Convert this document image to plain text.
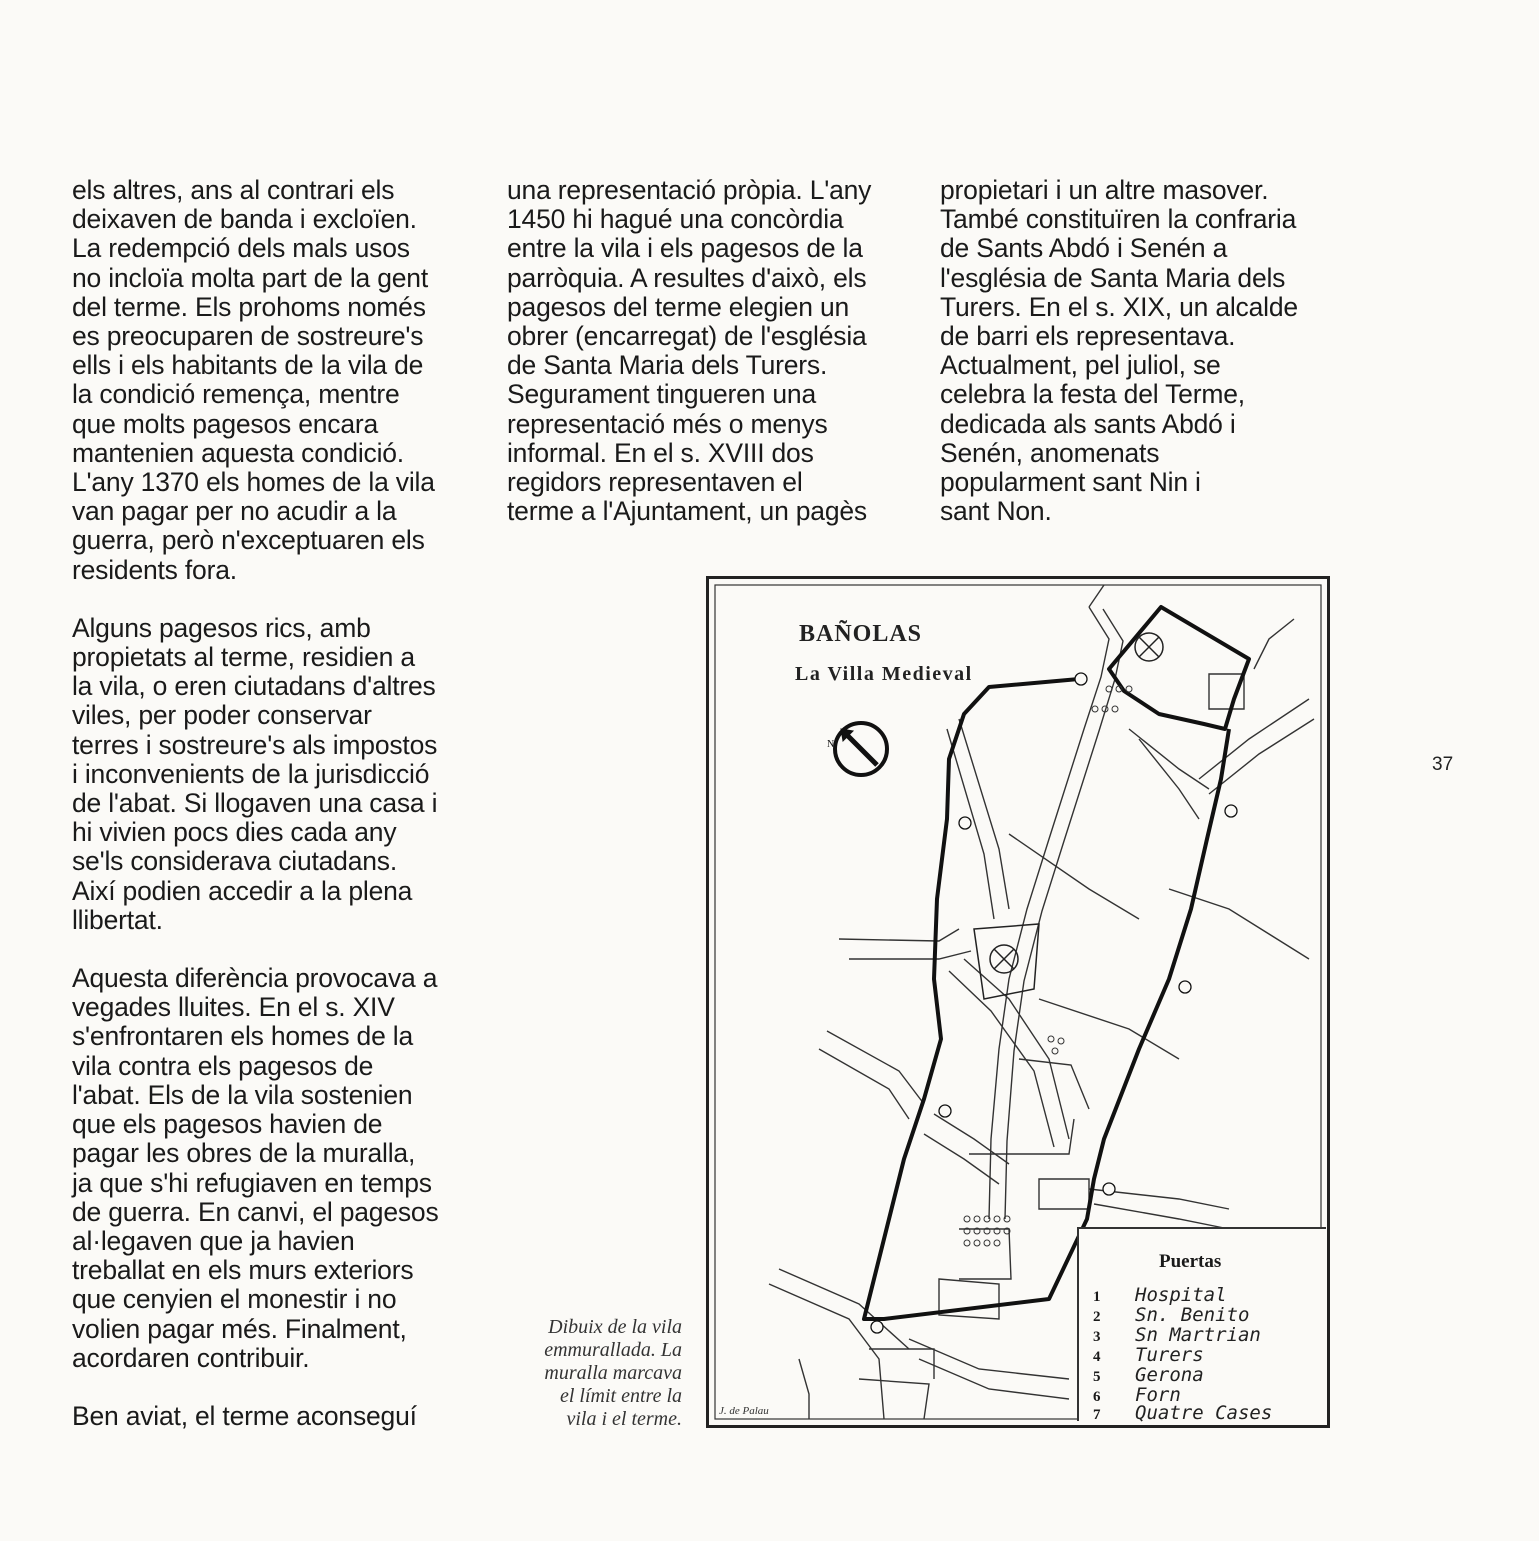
els altres, ans al contrari els
deixaven de banda i excloïen.
La redempció dels mals usos
no incloïa molta part de la gent
del terme. Els prohoms només
es preocuparen de sostreure's
ells i els habitants de la vila de
la condició remença, mentre
que molts pagesos encara
mantenien aquesta condició.
L'any 1370 els homes de la vila
van pagar per no acudir a la
guerra, però n'exceptuaren els
residents fora.

Alguns pagesos rics, amb
propietats al terme, residien a
la vila, o eren ciutadans d'altres
viles, per poder conservar
terres i sostreure's als impostos
i inconvenients de la jurisdicció
de l'abat. Si llogaven una casa i
hi vivien pocs dies cada any
se'ls considerava ciutadans.
Així podien accedir a la plena
llibertat.

Aquesta diferència provocava a
vegades lluites. En el s. XIV
s'enfrontaren els homes de la
vila contra els pagesos de
l'abat. Els de la vila sostenien
que els pagesos havien de
pagar les obres de la muralla,
ja que s'hi refugiaven en temps
de guerra. En canvi, el pagesos
al·legaven que ja havien
treballat en els murs exteriors
que cenyien el monestir i no
volien pagar més. Finalment,
acordaren contribuir.

Ben aviat, el terme aconseguí

una representació pròpia. L'any
1450 hi hagué una concòrdia
entre la vila i els pagesos de la
parròquia. A resultes d'això, els
pagesos del terme elegien un
obrer (encarregat) de l'església
de Santa Maria dels Turers.
Segurament tingueren una
representació més o menys
informal. En el s. XVIII dos
regidors representaven el
terme a l'Ajuntament, un pagès

propietari i un altre masover.
També constituïren la confraria
de Sants Abdó i Senén a
l'església de Santa Maria dels
Turers. En el s. XIX, un alcalde
de barri els representava.
Actualment, pel juliol, se
celebra la festa del Terme,
dedicada als sants Abdó i
Senén, anomenats
popularment sant Nin i
sant Non.

37
N
BAÑOLAS
La Villa Medieval
Puertas
1 Hospital
2 Sn. Benito
3 Sn Martrian
4 Turers
5 Gerona
6 Forn
7 Quatre Cases
J. de Palau
Dibuix de la vila
emmurallada. La
muralla marcava
el límit entre la
vila i el terme.
